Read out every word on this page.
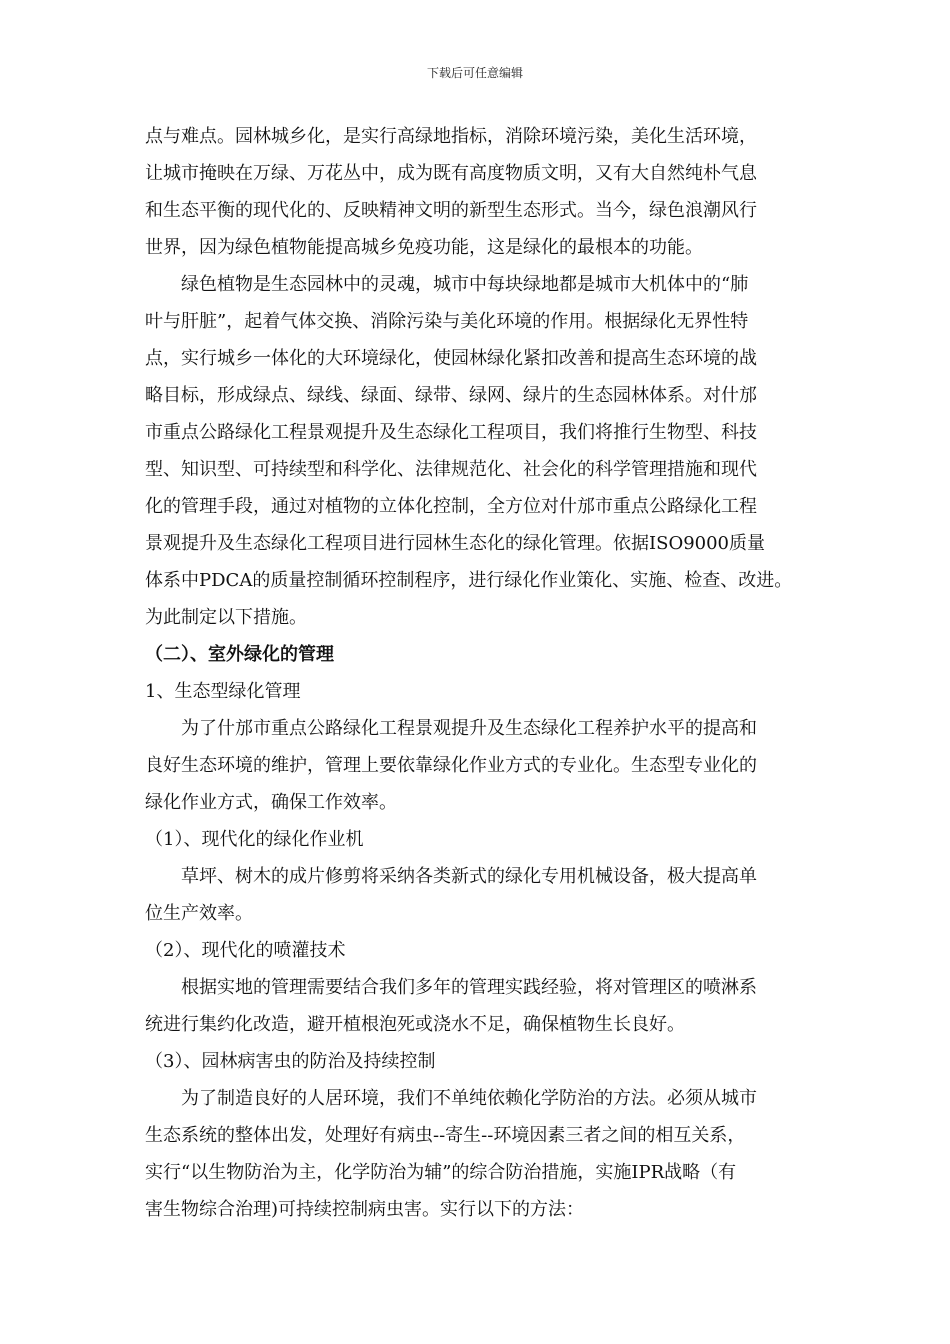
下载后可任意编辑
点与难点。园林城乡化，是实行高绿地指标，消除环境污染，美化生活环境，
让城市掩映在万绿、万花丛中，成为既有高度物质文明，又有大自然纯朴气息
和生态平衡的现代化的、反映精神文明的新型生态形式。当今，绿色浪潮风行
世界，因为绿色植物能提高城乡免疫功能，这是绿化的最根本的功能。
绿色植物是生态园林中的灵魂，城市中每块绿地都是城市大机体中的“肺
叶与肝脏”，起着气体交换、消除污染与美化环境的作用。根据绿化无界性特
点，实行城乡一体化的大环境绿化，使园林绿化紧扣改善和提高生态环境的战
略目标，形成绿点、绿线、绿面、绿带、绿网、绿片的生态园林体系。对什邡
市重点公路绿化工程景观提升及生态绿化工程项目，我们将推行生物型、科技
型、知识型、可持续型和科学化、法律规范化、社会化的科学管理措施和现代
化的管理手段，通过对植物的立体化控制，全方位对什邡市重点公路绿化工程
景观提升及生态绿化工程项目进行园林生态化的绿化管理。依据ISO9000质量
体系中PDCA的质量控制循环控制程序，进行绿化作业策化、实施、检查、改进。
为此制定以下措施。
（二）、室外绿化的管理
1、生态型绿化管理
为了什邡市重点公路绿化工程景观提升及生态绿化工程养护水平的提高和
良好生态环境的维护，管理上要依靠绿化作业方式的专业化。生态型专业化的
绿化作业方式，确保工作效率。
（1）、现代化的绿化作业机
草坪、树木的成片修剪将采纳各类新式的绿化专用机械设备，极大提高单
位生产效率。
（2）、现代化的喷灌技术
根据实地的管理需要结合我们多年的管理实践经验，将对管理区的喷淋系
统进行集约化改造，避开植根泡死或浇水不足，确保植物生长良好。
（3）、园林病害虫的防治及持续控制
为了制造良好的人居环境，我们不单纯依赖化学防治的方法。必须从城市
生态系统的整体出发，处理好有病虫--寄生--环境因素三者之间的相互关系，
实行“以生物防治为主，化学防治为辅”的综合防治措施，实施IPR战略（有
害生物综合治理)可持续控制病虫害。实行以下的方法：
